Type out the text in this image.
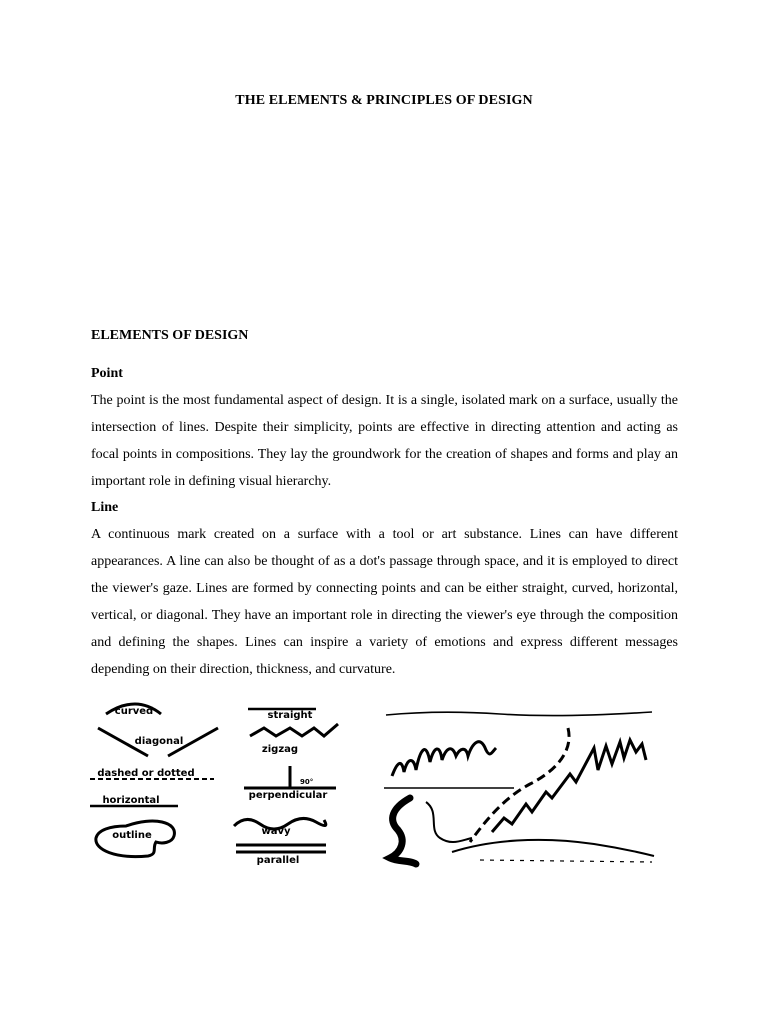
THE ELEMENTS & PRINCIPLES OF DESIGN
ELEMENTS OF DESIGN
Point

The point is the most fundamental aspect of design. It is a single, isolated mark on a surface, usually the intersection of lines. Despite their simplicity, points are effective in directing attention and acting as focal points in compositions. They lay the groundwork for the creation of shapes and forms and play an important role in defining visual hierarchy.

Line

A continuous mark created on a surface with a tool or art substance. Lines can have different appearances. A line can also be thought of as a dot's passage through space, and it is employed to direct the viewer's gaze. Lines are formed by connecting points and can be either straight, curved, horizontal, vertical, or diagonal. They have an important role in directing the viewer's eye through the composition and defining the shapes. Lines can inspire a variety of emotions and express different messages depending on their direction, thickness, and curvature.

curved
diagonal
dashed or dotted
horizontal
outline
straight
zigzag
90°
perpendicular
wavy
parallel
